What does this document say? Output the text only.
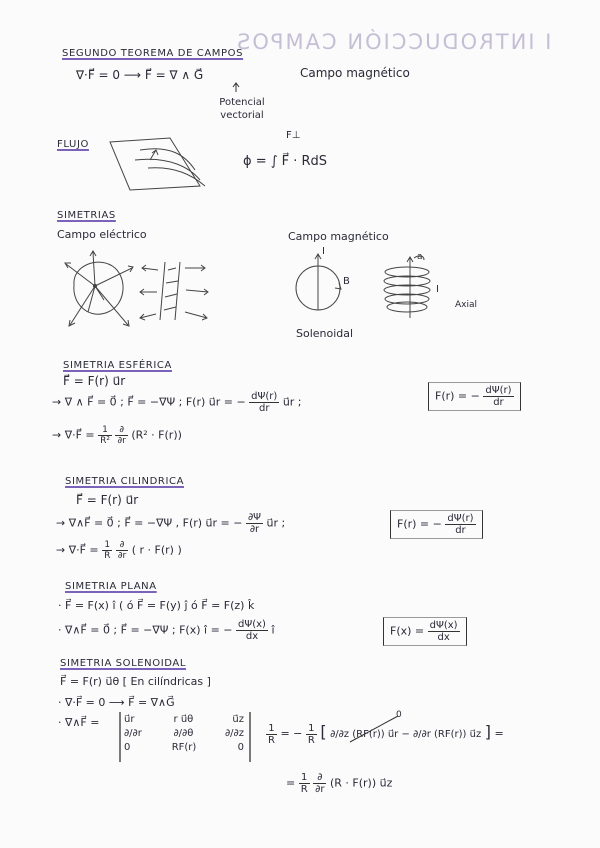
I INTRODUCCIÓN CAMPOS
SEGUNDO TEOREMA DE CAMPOS
∇·F⃗ = 0 ⟶ F⃗ = ∇ ∧ G⃗	Campo magnético
Potencial vectorial
FLUJO
F⊥
ϕ = ∫ F⃗ · RdS
SIMETRIAS
Campo eléctrico	Campo magnético
Solenoidal
Axial
I
B
I
a
SIMETRIA ESFÉRICA
F⃗ = F(r) u⃗r
→ ∇ ∧ F⃗ = 0⃗ ; F⃗ = −∇Ψ ; F(r) u⃗r = − $\frac{d\Psi(r)}{dr}$ u⃗r ;	F(r) = − $\frac{d\Psi(r)}{dr}$
→ ∇·F⃗ = $\frac{1}{\text{R²}}$
$\frac{\partial}{\partial r} (R^2 \cdot F(r))$
SIMETRIA CILINDRICA
F⃗ = F(r) u⃗r
→ ∇∧F⃗ = 0⃗ ; F⃗ = −∇Ψ , F(r) u⃗r = − $\frac{\partial\Psi}{\partial r}$ u⃗r ;	F(r) = − $\frac{d\Psi(r)}{dr}$
→ ∇·F⃗ = $\frac{1}{R}$
$\frac{\partial}{\partial r}$ ( r · F(r) )
SIMETRIA PLANA
· F⃗ = F(x) î ( ó F⃗ = F(y) ĵ ó F⃗ = F(z) k̂
· ∇∧F⃗ = 0⃗ ; F⃗ = −∇Ψ ; F(x) î = − $\frac{d\Psi(x)}{dx}$ î	$F(x) = \frac{d\Psi(x)}{dx}$
SIMETRIA SOLENOIDAL
F⃗ = F(r) u⃗θ [ En cilíndricas ]
· ∇·F⃗ = 0 ⟶ F⃗ = ∇∧G⃗
· ∇∧F⃗ = u⃗r	r u⃗θ	u⃗z
∂/∂r	∂/∂θ	∂/∂z
0	RF(r)	0
$\frac{1}{R}$ = − $\frac{1}{R}$ [ ∂/∂z (RF(r)) u⃗r − ∂/∂r (RF(r)) u⃗z ] =
0
= $\frac{1}{R}$
$\frac{\partial}{\partial r} (R \cdot F(r))$ u⃗z
